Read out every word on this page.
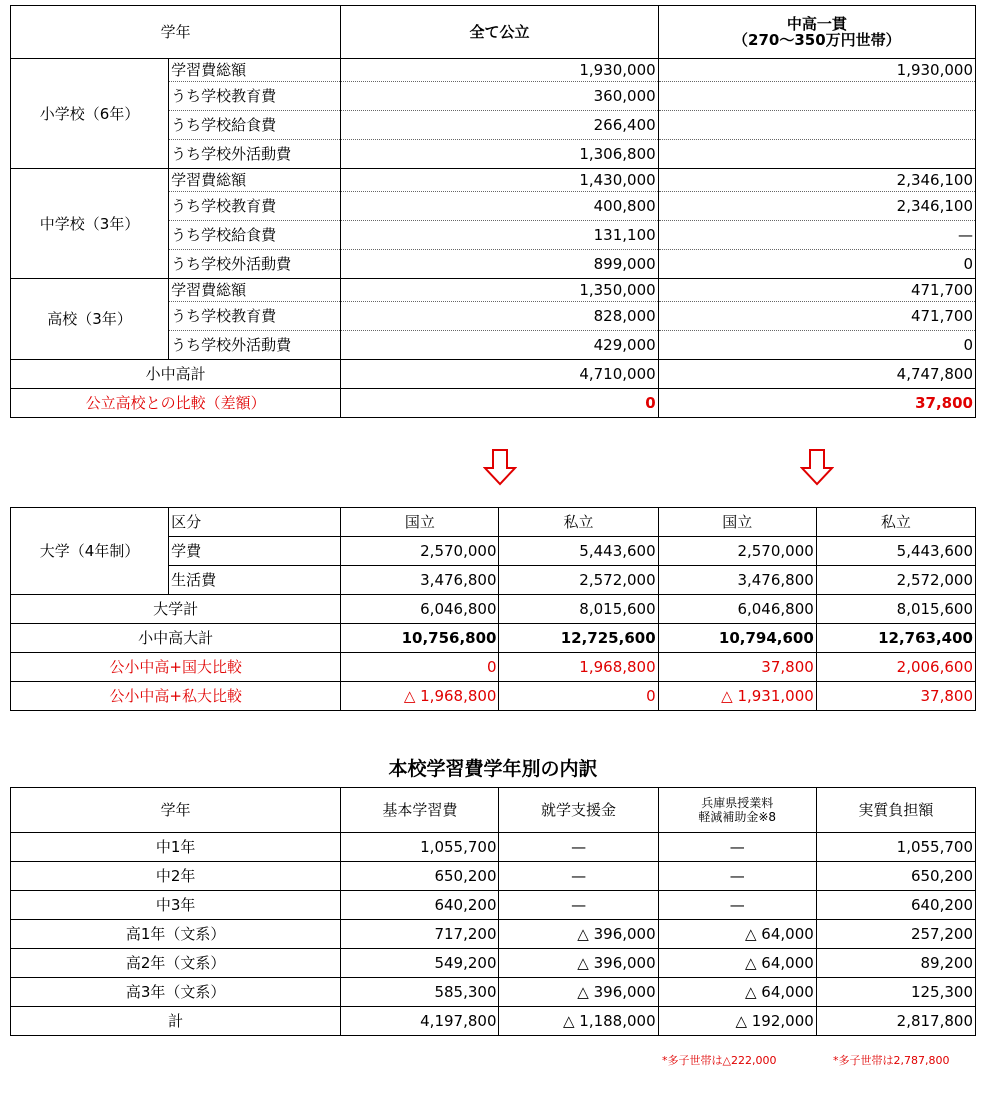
学年		全て公立	中高一貫
（270～350万円世帯）

小学校（6年）	学習費総額	1,930,000	1,930,000
	うち学校教育費	360,000	
	うち学校給食費	266,400	
	うち学校外活動費	1,306,800	
中学校（3年）	学習費総額	1,430,000	2,346,100
	うち学校教育費	400,800	2,346,100
	うち学校給食費	131,100	—
	うち学校外活動費	899,000	0
高校（3年）	学習費総額	1,350,000	471,700
	うち学校教育費	828,000	471,700
	うち学校外活動費	429,000	0
小中高計		4,710,000	4,747,800
公立高校との比較（差額）		0	37,800
大学（4年制）	区分	国立	私立	国立	私立
	学費	2,570,000	5,443,600	2,570,000	5,443,600
	生活費	3,476,800	2,572,000	3,476,800	2,572,000
大学計		6,046,800	8,015,600	6,046,800	8,015,600
小中高大計		10,756,800	12,725,600	10,794,600	12,763,400
公小中高+国大比較		0	1,968,800	37,800	2,006,600
公小中高+私大比較		△ 1,968,800	0	△ 1,931,000	37,800
本校学習費学年別の内訳
学年	基本学習費	就学支援金	兵庫県授業料
軽減補助金※8	実質負担額
中1年	1,055,700	—	—	1,055,700
中2年	650,200	—	—	650,200
中3年	640,200	—	—	640,200
高1年（文系）	717,200	△ 396,000	△ 64,000	257,200
高2年（文系）	549,200	△ 396,000	△ 64,000	89,200
高3年（文系）	585,300	△ 396,000	△ 64,000	125,300
計	4,197,800	△ 1,188,000	△ 192,000	2,817,800
*多子世帯は△222,000	*多子世帯は2,787,800
